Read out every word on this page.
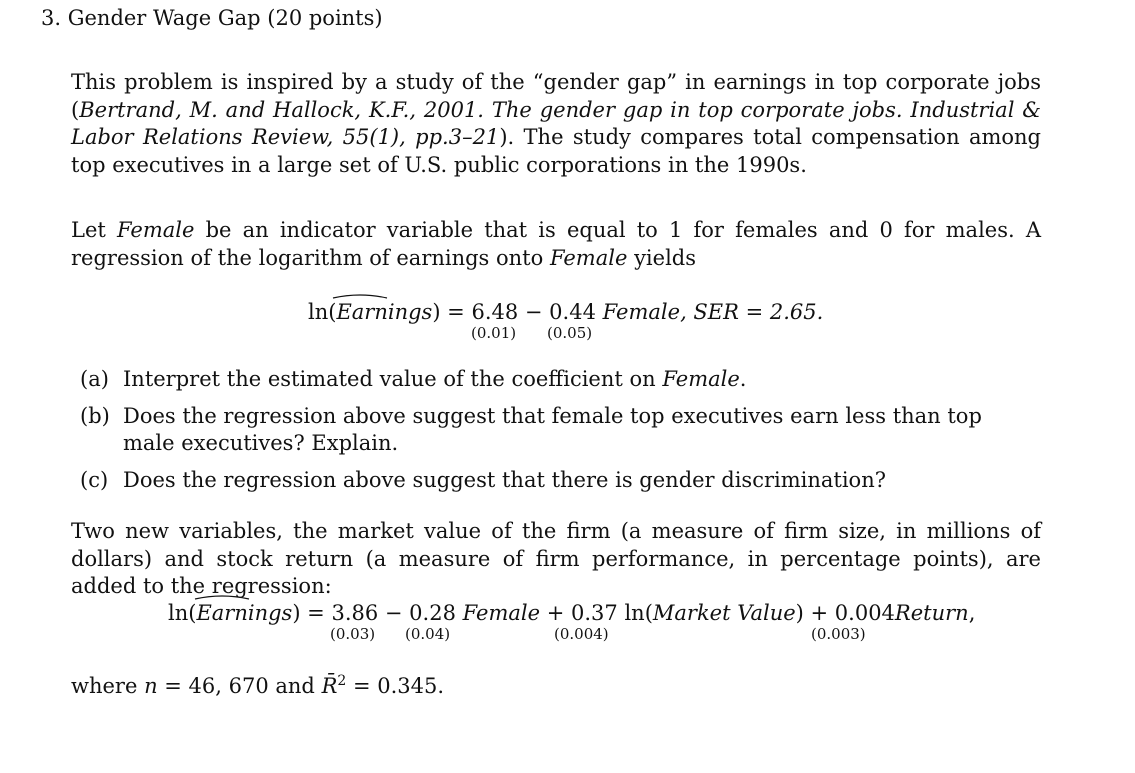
3. Gender Wage Gap (20 points)
This problem is inspired by a study of the “gender gap” in earnings in top corporate jobs (Bertrand, M. and Hallock, K.F., 2001. The gender gap in top corporate jobs. Industrial & Labor Relations Review, 55(1), pp.3–21). The study compares total compensation among top executives in a large set of U.S. public corporations in the 1990s.
Let Female be an indicator variable that is equal to 1 for females and 0 for males. A regression of the logarithm of earnings onto Female yields
ln(Earnings) = 6.48 − 0.44 Female, SER = 2.65.
(0.01) (0.05)
(a) Interpret the estimated value of the coefficient on Female.
(b) Does the regression above suggest that female top executives earn less than top male executives? Explain.
(c) Does the regression above suggest that there is gender discrimination?
Two new variables, the market value of the firm (a measure of firm size, in millions of dollars) and stock return (a measure of firm performance, in percentage points), are added to the regression:
ln(Earnings) = 3.86 − 0.28 Female + 0.37 ln(Market Value) + 0.004Return,
(0.03) (0.04)	(0.004)	(0.003)
where n = 46, 670 and R̄$^2$ = 0.345.
